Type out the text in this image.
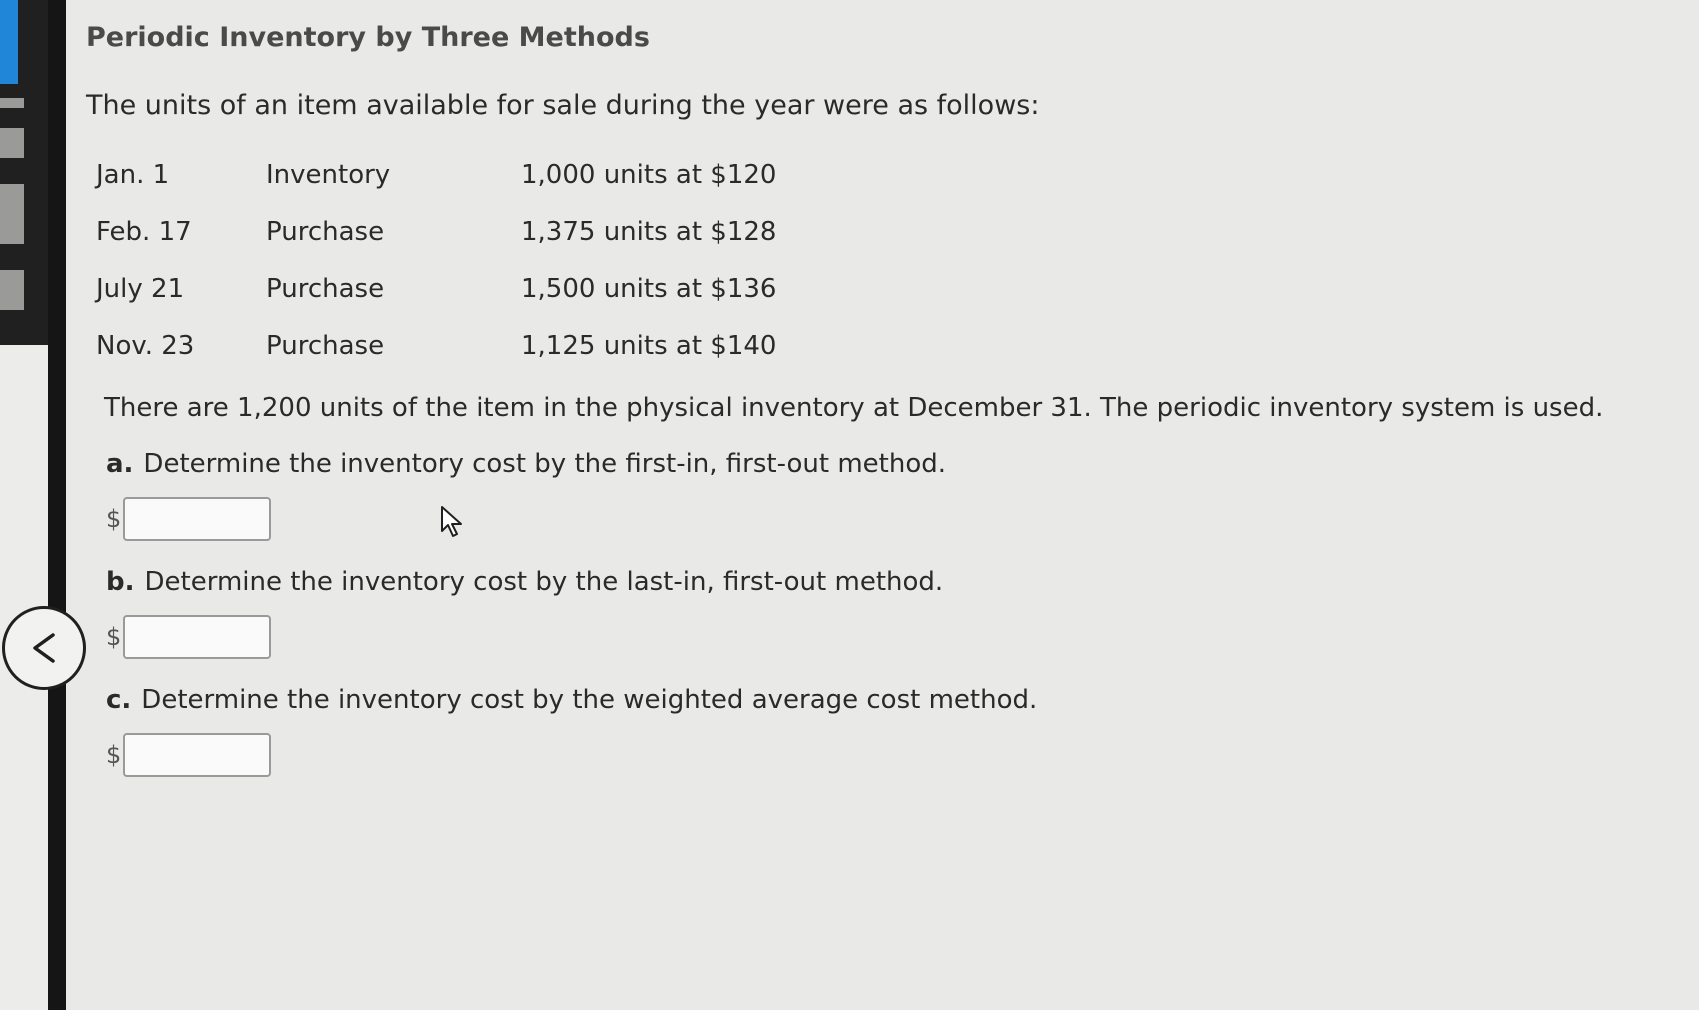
Periodic Inventory by Three Methods
The units of an item available for sale during the year were as follows:
Jan. 1	Inventory	1,000 units at $120
Feb. 17	Purchase	1,375 units at $128
July 21	Purchase	1,500 units at $136
Nov. 23	Purchase	1,125 units at $140
There are 1,200 units of the item in the physical inventory at December 31. The periodic inventory system is used.
a. Determine the inventory cost by the first-in, first-out method.
$
b. Determine the inventory cost by the last-in, first-out method.
$
c. Determine the inventory cost by the weighted average cost method.
$
